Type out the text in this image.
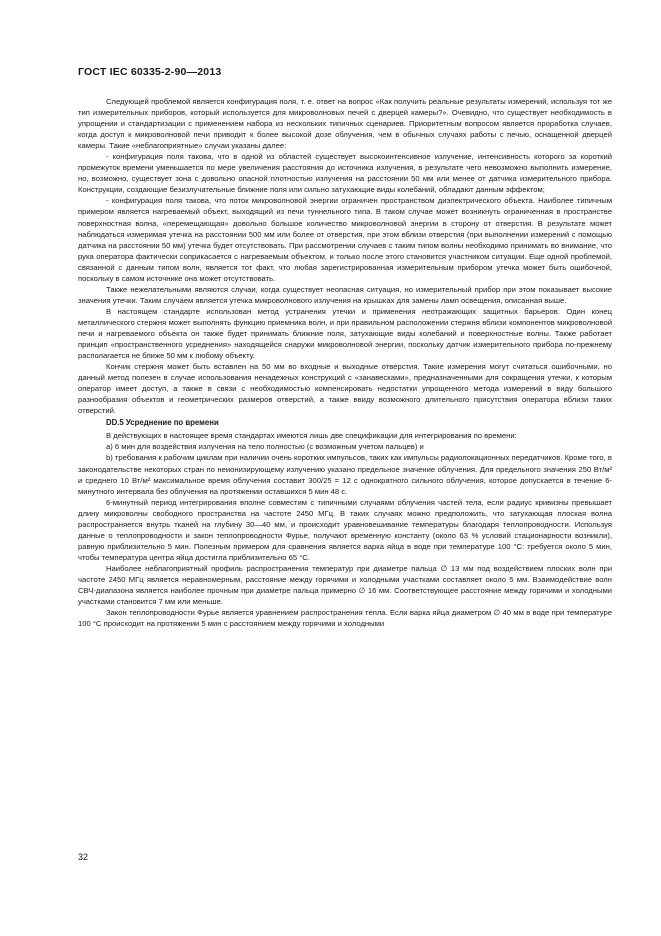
ГОСТ IEC 60335-2-90—2013

Следующей проблемой является конфигурация поля, т. е. ответ на вопрос «Как получить реальные результаты измерений, используя тот же тип измерительных приборов, который используется для микроволновых печей с дверцей камеры?». Очевидно, что существует необходимость в упрощении и стандартизации с применением набора из нескольких типичных сценариев. Приоритетным вопросом является проработка случаев, когда доступ к микроволновой печи приводит к более высокой дозе облучения, чем в обычных случаях работы с печью, оснащенной дверцей камеры. Такие «неблагоприятные» случаи указаны далее:

- конфигурация поля такова, что в одной из областей существует высокоинтенсивное излучение, интенсивность которого за короткий промежуток времени уменьшается по мере увеличения расстояния до источника излучения, в результате чего невозможно выполнить измерение, но, возможно, существует зона с довольно опасной плотностью излучения на расстоянии 50 мм или менее от датчика измерительного прибора. Конструкции, создающие безизлучательные ближние поля или сильно затухающие виды колебаний, обладают данным эффектом;

- конфигурация поля такова, что поток микроволновой энергии ограничен пространством диэлектрического объекта. Наиболее типичным примером является нагреваемый объект, выходящий из печи туннельного типа. В таком случае может возникнуть ограниченная в пространстве поверхностная волна, «перемещающая» довольно большое количество микроволновой энергии в сторону от отверстия. В результате может наблюдаться измеримая утечка на расстоянии 500 мм или более от отверстия, при этом вблизи отверстия (при выполнении измерений с помощью датчика на расстоянии 50 мм) утечка будет отсутствовать. При рассмотрении случаев с таким типом волны необходимо принимать во внимание, что рука оператора фактически соприкасается с нагреваемым объектом, и только после этого становится участником ситуации. Еще одной проблемой, связанной с данным типом волн, является тот факт, что любая зарегистрированная измерительным прибором утечка может быть ошибочной, поскольку в самом источнике она может отсутствовать.

Также нежелательными являются случаи, когда существует неопасная ситуация, но измерительный прибор при этом показывает высокие значения утечки. Таким случаем является утечка микроволнового излучения на крышках для замены ламп освещения, описанная выше.

В настоящем стандарте использован метод устранения утечки и применения неотражающих защитных барьеров. Один конец металлического стержня может выполнять функцию приемника волн, и при правильном расположении стержня вблизи компонентов микроволновой печи и нагреваемого объекта он также будет принимать ближние поля, затухающие виды колебаний и поверхностные волны. Также работает принцип «пространственного усреднения» находящейся снаружи микроволновой энергии, поскольку датчик измерительного прибора по-прежнему располагается не ближе 50 мм к любому объекту.

Кончик стержня может быть вставлен на 50 мм во входные и выходные отверстия. Такие измерения могут считаться ошибочными, но данный метод полезен в случае использования ненадежных конструкций с «занавесками», предназначенными для сокращения утечки, к которым оператор имеет доступ, а также в связи с необходимостью компенсировать недостатки упрощенного метода измерений в виду большого разнообразия объектов и геометрических размеров отверстий, а также ввиду возможного длительного присутствия оператора вблизи таких отверстий.

DD.5 Усреднение по времени

В действующих в настоящее время стандартах имеются лишь две спецификации для интегрирования по времени:

a) 6 мин для воздействия излучения на тело полностью (с возможным учетом пальцев) и

b) требования к рабочим циклам при наличии очень коротких импульсов, таких как импульсы радиолокационных передатчиков. Кроме того, в законодательстве некоторых стран по неионизирующему излучению указано предельное значение облучения. Для предельного значения 250 Вт/м² и среднего 10 Вт/м² максимальное время облучения составит 300/25 = 12 с однократного сильного облучения, которое допускается в течение 6-минутного интервала без облучения на протяжении оставшихся 5 мин 48 с.

6-минутный период интегрирования вполне совместим с типичными случаями облучения частей тела, если радиус кривизны превышает длину микроволны свободного пространства на частоте 2450 МГц. В таких случаях можно предположить, что затухающая плоская волна распространяется внутрь тканей на глубину 30—40 мм, и происходит уравновешивание температуры благодаря теплопроводности. Используя данные о теплопроводности и закон теплопроводности Фурье, получают временную константу (около 63 % условий стационарности возникли), равную приблизительно 5 мин. Полезным примером для сравнения является варка яйца в воде при температуре 100 °С: требуется около 5 мин, чтобы температура центра яйца достигла приблизительно 65 °С.

Наиболее неблагоприятный профиль распространения температур при диаметре пальца ∅ 13 мм под воздействием плоских волн при частоте 2450 МГц является неравномерным, расстояние между горячими и холодными участками составляет около 5 мм. Взаимодействие волн СВЧ-диапазона является наиболее прочным при диаметре пальца примерно ∅ 16 мм. Соответствующее расстояние между горячими и холодными участками становится 7 мм или меньше.

Закон теплопроводности Фурье является уравнением распространения тепла. Если варка яйца диаметром ∅ 40 мм в воде при температуре 100 °С происходит на протяжении 5 мин с расстоянием между горячими и холодными

32
